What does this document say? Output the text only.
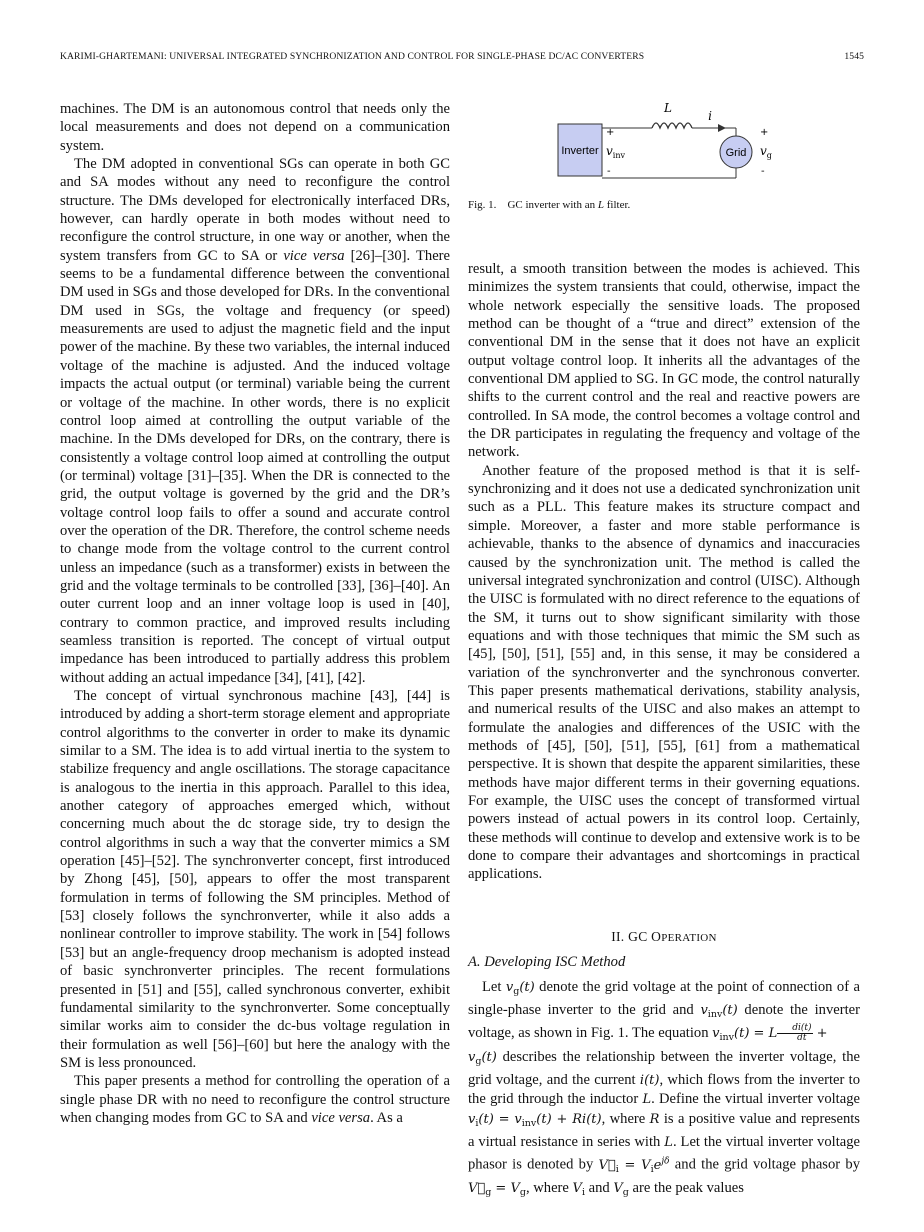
KARIMI-GHARTEMANI: UNIVERSAL INTEGRATED SYNCHRONIZATION AND CONTROL FOR SINGLE-PHASE DC/AC CONVERTERS	1545

machines. The DM is an autonomous control that needs only the local measurements and does not depend on a communication system.

The DM adopted in conventional SGs can operate in both GC and SA modes without any need to reconfigure the control structure. The DMs developed for electronically interfaced DRs, however, can hardly operate in both modes without need to reconfigure the control structure, in one way or another, when the system transfers from GC to SA or vice versa [26]–[30]. There seems to be a fundamental difference between the conventional DM used in SGs and those developed for DRs. In the conventional DM used in SGs, the voltage and frequency (or speed) measurements are used to adjust the magnetic field and the input power of the machine. By these two variables, the internal induced voltage of the machine is adjusted. And the induced voltage impacts the actual output (or terminal) variable being the current or voltage of the machine. In other words, there is no explicit control loop aimed at controlling the output variable of the machine. In the DMs developed for DRs, on the contrary, there is consistently a voltage control loop aimed at controlling the output (or terminal) voltage [31]–[35]. When the DR is connected to the grid, the output voltage is governed by the grid and the DR’s voltage control loop fails to offer a sound and accurate control over the operation of the DR. Therefore, the control scheme needs to change mode from the voltage control to the current control unless an impedance (such as a transformer) exists in between the grid and the voltage terminals to be controlled [33], [36]–[40]. An outer current loop and an inner voltage loop is used in [40], contrary to common practice, and improved results including seamless transition is reported. The concept of virtual output impedance has been introduced to partially address this problem without adding an actual impedance [34], [41], [42].

The concept of virtual synchronous machine [43], [44] is introduced by adding a short-term storage element and appropriate control algorithms to the converter in order to make its dynamic similar to a SM. The idea is to add virtual inertia to the system to stabilize frequency and angle oscillations. The storage capacitance is analogous to the inertia in this approach. Parallel to this idea, another category of approaches emerged which, without concerning much about the dc storage side, try to design the control algorithms in such a way that the converter mimics a SM operation [45]–[52]. The synchronverter concept, first introduced by Zhong [45], [50], appears to offer the most transparent formulation in terms of following the SM principles. Method of [53] closely follows the synchronverter, while it also adds a nonlinear controller to improve stability. The work in [54] follows [53] but an angle-frequency droop mechanism is adopted instead of basic synchronverter principles. The recent formulations presented in [51] and [55], called synchronous converter, exhibit fundamental similarity to the synchronverter. Some conceptually similar works aim to consider the dc-bus voltage regulation in their formulation as well [56]–[60] but here the analogy with the SM is less pronounced.

This paper presents a method for controlling the operation of a single phase DR with no need to reconfigure the control structure when changing modes from GC to SA and vice versa. As a

Inverter
L
i
Grid
+
$v_{inv}$
-
+
$v_g$
-
Fig. 1. GC inverter with an L filter.

result, a smooth transition between the modes is achieved. This minimizes the system transients that could, otherwise, impact the whole network especially the sensitive loads. The proposed method can be thought of a “true and direct” extension of the conventional DM in the sense that it does not have an explicit output voltage control loop. It inherits all the advantages of the conventional DM applied to SG. In GC mode, the control naturally shifts to the current control and the real and reactive powers are controlled. In SA mode, the control becomes a voltage control and the DR participates in regulating the frequency and voltage of the network.

Another feature of the proposed method is that it is self-synchronizing and it does not use a dedicated synchronization unit such as a PLL. This feature makes its structure compact and simple. Moreover, a faster and more stable performance is achievable, thanks to the absence of dynamics and inaccuracies caused by the synchronization unit. The method is called the universal integrated synchronization and control (UISC). Although the UISC is formulated with no direct reference to the equations of the SM, it turns out to show significant similarity with those equations and with those techniques that mimic the SM such as [45], [50], [51], [55] and, in this sense, it may be considered a variation of the synchronverter and the synchronous converter. This paper presents mathematical derivations, stability analysis, and numerical results of the UISC and also makes an attempt to formulate the analogies and differences of the USIC with the methods of [45], [50], [51], [55], [61] from a mathematical perspective. It is shown that despite the apparent similarities, these methods have major different terms in their governing equations. For example, the UISC uses the concept of transformed virtual powers instead of actual powers in its control loop. Certainly, these methods will continue to develop and extensive work is to be done to compare their advantages and shortcomings in practical applications.

II. GC OPERATION
A. Developing ISC Method

Let $v_g(t)$ denote the grid voltage at the point of connection of a single-phase inverter to the grid and $v_{inv}(t)$ denote the inverter voltage, as shown in Fig. 1. The equation $v_{inv}(t) = L \frac{di(t)}{dt}$ +
$v_g(t)$ describes the relationship between the inverter voltage, the grid voltage, and the current i(t), which flows from the inverter to the grid through the inductor L. Define the virtual inverter voltage $v_i(t) = v_{inv}(t) + Ri(t)$, where R is a positive value and represents a virtual resistance in series with L. Let the virtual inverter voltage phasor is denoted by $V⃗_i = V_ie^{j\delta}$ and the grid voltage phasor by $V⃗_g = V_g$, where $V_i$ and $V_g$ are the peak values
